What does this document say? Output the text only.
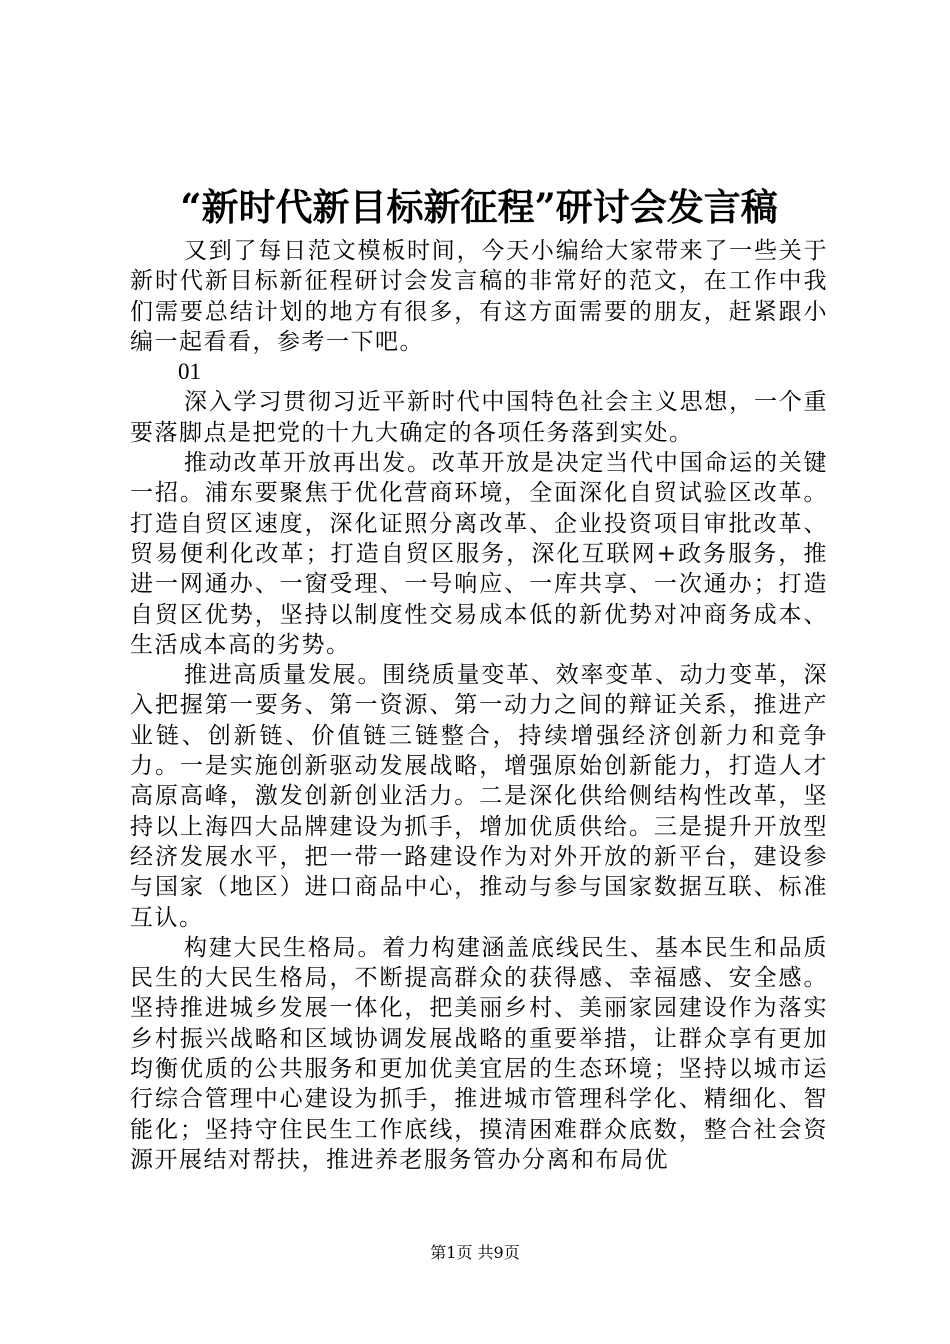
“新时代新目标新征程”研讨会发言稿

又到了每日范文模板时间，今天小编给大家带来了一些关于新时代新目标新征程研讨会发言稿的非常好的范文，在工作中我们需要总结计划的地方有很多，有这方面需要的朋友，赶紧跟小编一起看看，参考一下吧。

01

深入学习贯彻习近平新时代中国特色社会主义思想，一个重要落脚点是把党的十九大确定的各项任务落到实处。

推动改革开放再出发。改革开放是决定当代中国命运的关键一招。浦东要聚焦于优化营商环境，全面深化自贸试验区改革。打造自贸区速度，深化证照分离改革、企业投资项目审批改革、贸易便利化改革；打造自贸区服务，深化互联网+政务服务，推进一网通办、一窗受理、一号响应、一库共享、一次通办；打造自贸区优势，坚持以制度性交易成本低的新优势对冲商务成本、生活成本高的劣势。

推进高质量发展。围绕质量变革、效率变革、动力变革，深入把握第一要务、第一资源、第一动力之间的辩证关系，推进产业链、创新链、价值链三链整合，持续增强经济创新力和竞争力。一是实施创新驱动发展战略，增强原始创新能力，打造人才高原高峰，激发创新创业活力。二是深化供给侧结构性改革，坚持以上海四大品牌建设为抓手，增加优质供给。三是提升开放型经济发展水平，把一带一路建设作为对外开放的新平台，建设参与国家（地区）进口商品中心，推动与参与国家数据互联、标准互认。

构建大民生格局。着力构建涵盖底线民生、基本民生和品质民生的大民生格局，不断提高群众的获得感、幸福感、安全感。坚持推进城乡发展一体化，把美丽乡村、美丽家园建设作为落实乡村振兴战略和区域协调发展战略的重要举措，让群众享有更加均衡优质的公共服务和更加优美宜居的生态环境；坚持以城市运行综合管理中心建设为抓手，推进城市管理科学化、精细化、智能化；坚持守住民生工作底线，摸清困难群众底数，整合社会资源开展结对帮扶，推进养老服务管办分离和布局优

第1页 共9页
